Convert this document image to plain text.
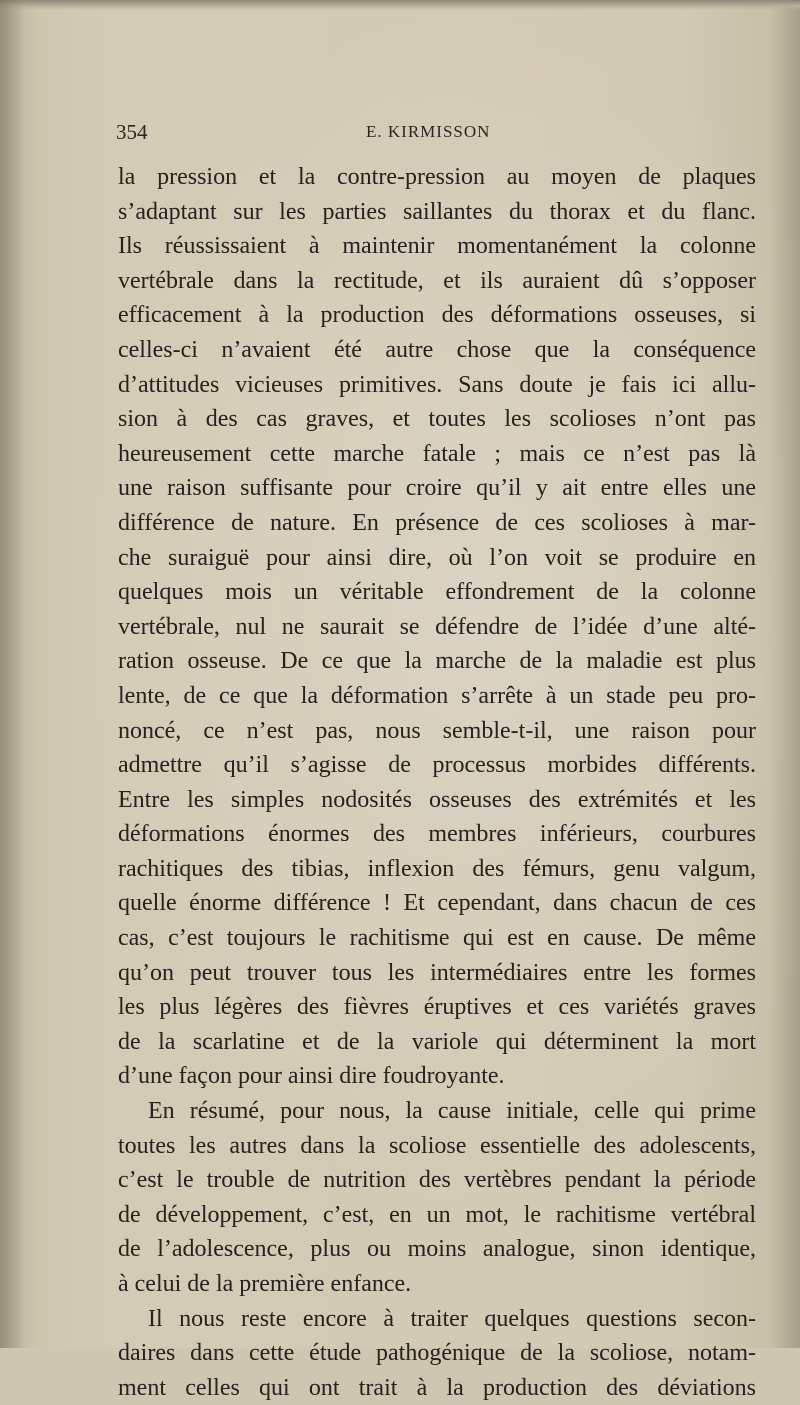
354	E. KIRMISSON
la pression et la contre-pression au moyen de plaques
s’adaptant sur les parties saillantes du thorax et du flanc.
Ils réussissaient à maintenir momentanément la colonne
vertébrale dans la rectitude, et ils auraient dû s’opposer
efficacement à la production des déformations osseuses, si
celles-ci n’avaient été autre chose que la conséquence
d’attitudes vicieuses primitives. Sans doute je fais ici allu-
sion à des cas graves, et toutes les scolioses n’ont pas
heureusement cette marche fatale ; mais ce n’est pas là
une raison suffisante pour croire qu’il y ait entre elles une
différence de nature. En présence de ces scolioses à mar-
che suraiguë pour ainsi dire, où l’on voit se produire en
quelques mois un véritable effondrement de la colonne
vertébrale, nul ne saurait se défendre de l’idée d’une alté-
ration osseuse. De ce que la marche de la maladie est plus
lente, de ce que la déformation s’arrête à un stade peu pro-
noncé, ce n’est pas, nous semble-t-il, une raison pour
admettre qu’il s’agisse de processus morbides différents.
Entre les simples nodosités osseuses des extrémités et les
déformations énormes des membres inférieurs, courbures
rachitiques des tibias, inflexion des fémurs, genu valgum,
quelle énorme différence ! Et cependant, dans chacun de ces
cas, c’est toujours le rachitisme qui est en cause. De même
qu’on peut trouver tous les intermédiaires entre les formes
les plus légères des fièvres éruptives et ces variétés graves
de la scarlatine et de la variole qui déterminent la mort
d’une façon pour ainsi dire foudroyante.
En résumé, pour nous, la cause initiale, celle qui prime
toutes les autres dans la scoliose essentielle des adolescents,
c’est le trouble de nutrition des vertèbres pendant la période
de développement, c’est, en un mot, le rachitisme vertébral
de l’adolescence, plus ou moins analogue, sinon identique,
à celui de la première enfance.
Il nous reste encore à traiter quelques questions secon-
daires dans cette étude pathogénique de la scoliose, notam-
ment celles qui ont trait à la production des déviations
